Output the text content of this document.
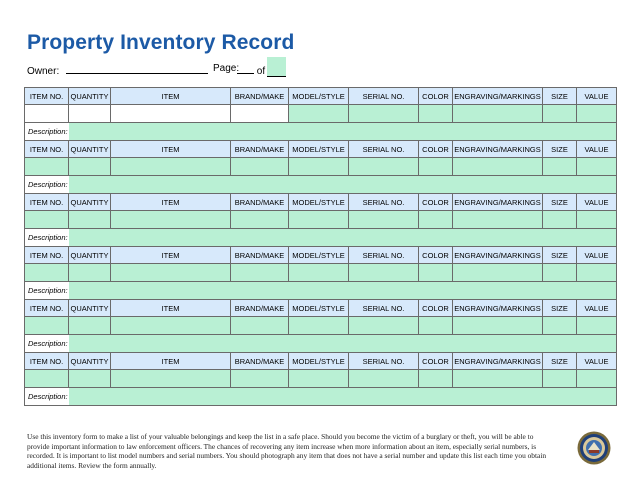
Property Inventory Record
Owner:	Page:	of
ITEM NO.	QUANTITY	ITEM	BRAND/MAKE	MODEL/STYLE	SERIAL NO.	COLOR	ENGRAVING/MARKINGS	SIZE	VALUE

Description:									
ITEM NO.	QUANTITY	ITEM	BRAND/MAKE	MODEL/STYLE	SERIAL NO.	COLOR	ENGRAVING/MARKINGS	SIZE	VALUE

Description:									
ITEM NO.	QUANTITY	ITEM	BRAND/MAKE	MODEL/STYLE	SERIAL NO.	COLOR	ENGRAVING/MARKINGS	SIZE	VALUE

Description:									
ITEM NO.	QUANTITY	ITEM	BRAND/MAKE	MODEL/STYLE	SERIAL NO.	COLOR	ENGRAVING/MARKINGS	SIZE	VALUE

Description:									
ITEM NO.	QUANTITY	ITEM	BRAND/MAKE	MODEL/STYLE	SERIAL NO.	COLOR	ENGRAVING/MARKINGS	SIZE	VALUE

Description:									
ITEM NO.	QUANTITY	ITEM	BRAND/MAKE	MODEL/STYLE	SERIAL NO.	COLOR	ENGRAVING/MARKINGS	SIZE	VALUE

Description:									
Use this inventory form to make a list of your valuable belongings and keep the list in a safe place. Should you become the victim of a burglary or theft, you will be able to provide important information to law enforcement officers. The chances of recovering any item increase when more information about an item, especially serial numbers, is recorded. It is important to list model numbers and serial numbers. You should photograph any item that does not have a serial number and update this list each time you obtain additional items. Review the form annually.
